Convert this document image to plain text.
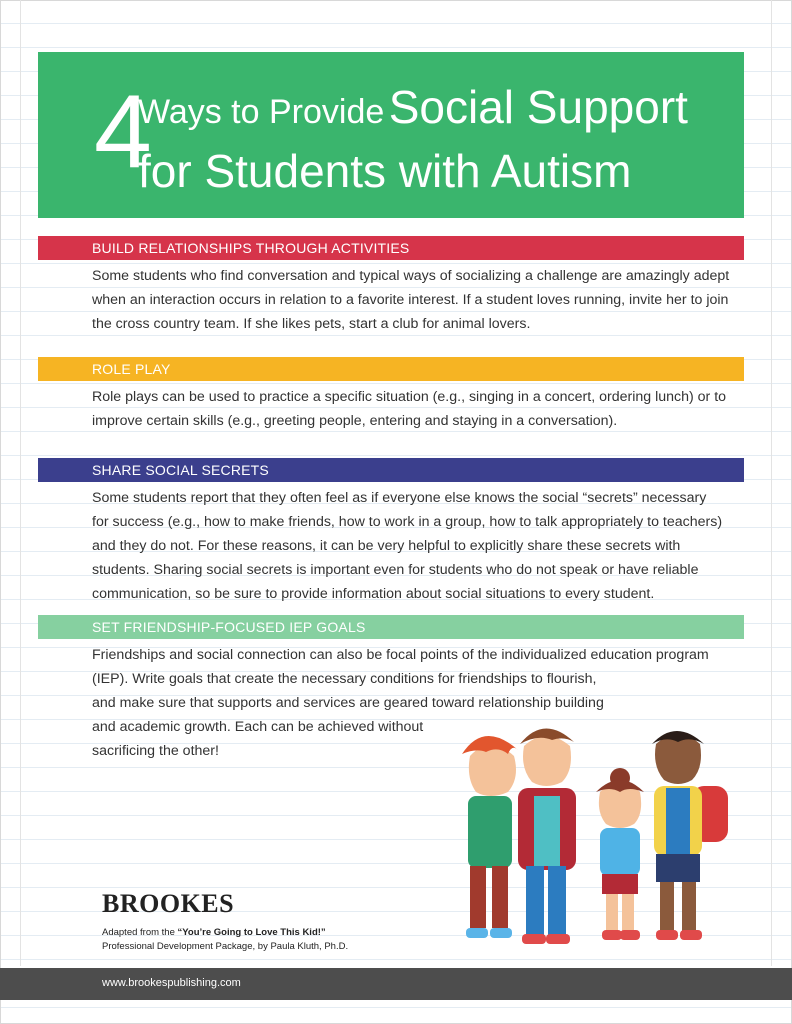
4
Ways to Provide Social Support
for Students with Autism
BUILD RELATIONSHIPS THROUGH ACTIVITIES
Some students who find conversation and typical ways of socializing a challenge are amazingly adept
when an interaction occurs in relation to a favorite interest. If a student loves running, invite her to join
the cross country team. If she likes pets, start a club for animal lovers.
ROLE PLAY
Role plays can be used to practice a specific situation (e.g., singing in a concert, ordering lunch) or to
improve certain skills (e.g., greeting people, entering and staying in a conversation).
SHARE SOCIAL SECRETS
Some students report that they often feel as if everyone else knows the social “secrets” necessary
for success (e.g., how to make friends, how to work in a group, how to talk appropriately to teachers)
and they do not. For these reasons, it can be very helpful to explicitly share these secrets with
students. Sharing social secrets is important even for students who do not speak or have reliable
communication, so be sure to provide information about social situations to every student.
SET FRIENDSHIP-FOCUSED IEP GOALS
Friendships and social connection can also be focal points of the individualized education program
(IEP). Write goals that create the necessary conditions for friendships to flourish,
and make sure that supports and services are geared toward relationship building
and academic growth. Each can be achieved without
sacrificing the other!
BROOKES
Adapted from the “You’re Going to Love This Kid!”
Professional Development Package, by Paula Kluth, Ph.D.
www.brookespublishing.com
